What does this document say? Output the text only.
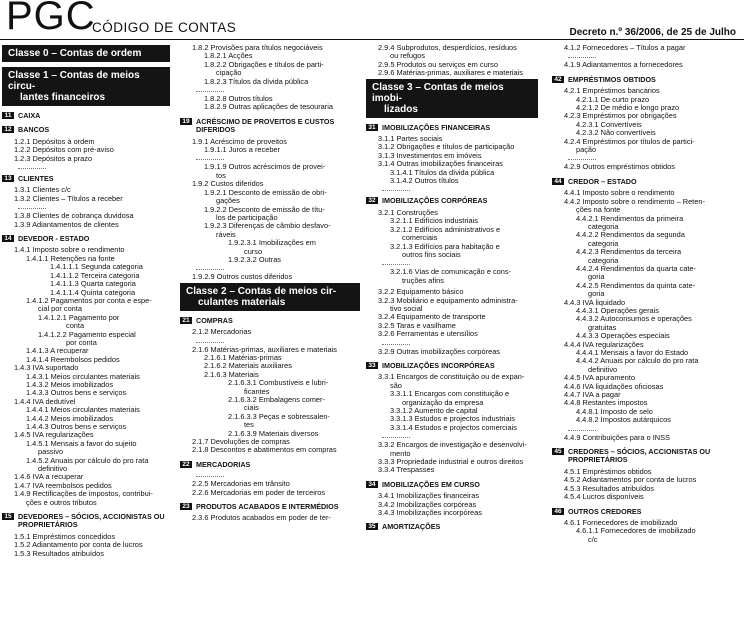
PGC
CÓDIGO DE CONTAS	Decreto n.º 36/2006, de 25 de Julho
Classe 0 – Contas de ordem
Classe 1 – Contas de meios circu-
lantes financeiros
11 CAIXA
12 BANCOS
1.2.1 Depósitos à ordem
1.2.2 Depósitos com pré-aviso
1.2.3 Depósitos a prazo
13 CLIENTES
1.3.1 Clientes c/c
1.3.2 Clientes – Títulos a receber
1.3.8 Clientes de cobrança duvidosa
1.3.9 Adiantamentos de clientes
14 DEVEDOR - ESTADO
1.4.1 Imposto sobre o rendimento
1.4.1.1 Retenções na fonte
1.4.1.1.1 Segunda categoria
1.4.1.1.2 Terceira categoria
1.4.1.1.3 Quarta categoria
1.4.1.1.4 Quinta categoria
1.4.1.2 Pagamentos por conta e espe-
cial por conta
1.4.1.2.1 Pagamento por
conta
1.4.1.2.2 Pagamento especial
por conta
1.4.1.3 A recuperar
1.4.1.4 Reembolsos pedidos
1.4.3 IVA suportado
1.4.3.1 Meios circulantes materiais
1.4.3.2 Meios imobilizados
1.4.3.3 Outros bens e serviços
1.4.4 IVA dedutível
1.4.4.1 Meios circulantes materiais
1.4.4.2 Meios imobilizados
1.4.4.3 Outros bens e serviços
1.4.5 IVA regularizações
1.4.5.1 Mensais a favor do sujeito
passivo
1.4.5.2 Anuais por cálculo do pro rata
definitivo
1.4.6 IVA a recuperar
1.4.7 IVA reembolsos pedidos
1.4.9 Rectificações de impostos, contribui-
ções e outros tributos
15 DEVEDORES – SÓCIOS, ACCIONISTAS OU PROPRIETÁRIOS
1.5.1 Empréstimos concedidos
1.5.2 Adiantamento por conta de lucros
1.5.3 Resultados atribuídos
1.8.2 Provisões para títulos negociáveis
1.8.2.1 Acções
1.8.2.2 Obrigações e títulos de parti-
cipação
1.8.2.3 Títulos da dívida pública
1.8.2.8 Outros títulos
1.8.2.9 Outras aplicações de tesouraria
19 ACRÉSCIMO DE PROVEITOS E CUSTOS DIFERIDOS
1.9.1 Acréscimo de proveitos
1.9.1.1 Juros a receber
1.9.1.9 Outros acréscimos de provei-
tos
1.9.2 Custos diferidos
1.9.2.1 Desconto de emissão de obri-
gações
1.9.2.2 Desconto de emissão de títu-
los de participação
1.9.2.3 Diferenças de câmbio desfavo-
ráveis
1.9.2.3.1 Imobilizações em
curso
1.9.2.3.2 Outras
1.9.2.9 Outros custos diferidos
Classe 2 – Contas de meios cir-
culantes materiais
21 COMPRAS
2.1.2 Mercadorias
2.1.6 Matérias-primas, auxiliares e materiais
2.1.6.1 Matérias-primas
2.1.6.2 Materiais auxiliares
2.1.6.3 Materiais
2.1.6.3.1 Combustíveis e lubri-
ficantes
2.1.6.3.2 Embalagens comer-
ciais
2.1.6.3.3 Peças e sobressalen-
tes
2.1.6.3.9 Materiais diversos
2.1.7 Devoluções de compras
2.1.8 Descontos e abatimentos em compras
22 MERCADORIAS
2.2.5 Mercadorias em trânsito
2.2.6 Mercadorias em poder de terceiros
23 PRODUTOS ACABADOS E INTERMÉDIOS
2.3.6 Produtos acabados em poder de ter-
2.9.4 Subprodutos, desperdícios, resíduos
ou refugos
2.9.5 Produtos ou serviços em curso
2.9.6 Matérias-primas, auxiliares e materiais
Classe 3 – Contas de meios imobi-
lizados
31 IMOBILIZAÇÕES FINANCEIRAS
3.1.1 Partes sociais
3.1.2 Obrigações e títulos de participação
3.1.3 Investimentos em imóveis
3.1.4 Outras imobilizações financeiras
3.1.4.1 Títulos da dívida pública
3.1.4.2 Outros títulos
32 IMOBILIZAÇÕES CORPÓREAS
3.2.1 Construções
3.2.1.1 Edifícios industriais
3.2.1.2 Edifícios administrativos e
comerciais
3.2.1.3 Edifícios para habitação e
outros fins sociais
3.2.1.6 Vias de comunicação e cons-
truções afins
3.2.2 Equipamento básico
3.2.3 Mobiliário e equipamento administra-
tivo social
3.2.4 Equipamento de transporte
3.2.5 Taras e vasilhame
3.2.6 Ferramentas e utensílios
3.2.9 Outras imobilizações corpóreas
33 IMOBILIZAÇÕES INCORPÓREAS
3.3.1 Encargos de constituição ou de expan-
são
3.3.1.1 Encargos com constituição e
organização da empresa
3.3.1.2 Aumento de capital
3.3.1.3 Estudos e projectos industriais
3.3.1.4 Estudos e projectos comerciais
3.3.2 Encargos de investigação e desenvolvi-
mento
3.3.3 Propriedade industrial e outros direitos
3.3.4 Trespasses
34 IMOBILIZAÇÕES EM CURSO
3.4.1 Imobilizações financeiras
3.4.2 Imobilizações corpóreas
3.4.3 Imobilizações incorpóreas
35 AMORTIZAÇÕES
4.1.2 Fornecedores – Títulos a pagar
4.1.9 Adiantamentos a fornecedores
42 EMPRÉSTIMOS OBTIDOS
4.2.1 Empréstimos bancários
4.2.1.1 De curto prazo
4.2.1.2 De médio e longo prazo
4.2.3 Empréstimos por obrigações
4.2.3.1 Convertíveis
4.2.3.2 Não convertíveis
4.2.4 Empréstimos por títulos de partici-
pação
4.2.9 Outros empréstimos obtidos
44 CREDOR – ESTADO
4.4.1 Imposto sobre o rendimento
4.4.2 Imposto sobre o rendimento – Reten-
ções na fonte
4.4.2.1 Rendimentos da primeira
categoria
4.4.2.2 Rendimentos da segunda
categoria
4.4.2.3 Rendimentos da terceira
categoria
4.4.2.4 Rendimentos da quarta cate-
goria
4.4.2.5 Rendimentos da quinta cate-
goria
4.4.3 IVA liquidado
4.4.3.1 Operações gerais
4.4.3.2 Autoconsumos e operações
gratuitas
4.4.3.3 Operações especiais
4.4.4 IVA regularizações
4.4.4.1 Mensais a favor do Estado
4.4.4.2 Anuais por cálculo do pro rata
definitivo
4.4.5 IVA apuramento
4.4.6 IVA liquidações oficiosas
4.4.7 IVA a pagar
4.4.8 Restantes impostos
4.4.8.1 Imposto de selo
4.4.8.2 Impostos autárquicos
4.4.9 Contribuições para o INSS
45 CREDORES – SÓCIOS, ACCIONISTAS OU PROPRIETÁRIOS
4.5.1 Empréstimos obtidos
4.5.2 Adiantamentos por conta de lucros
4.5.3 Resultados atribuídos
4.5.4 Lucros disponíveis
46 OUTROS CREDORES
4.6.1 Fornecedores de imobilizado
4.6.1.1 Fornecedores de imobilizado
c/c
